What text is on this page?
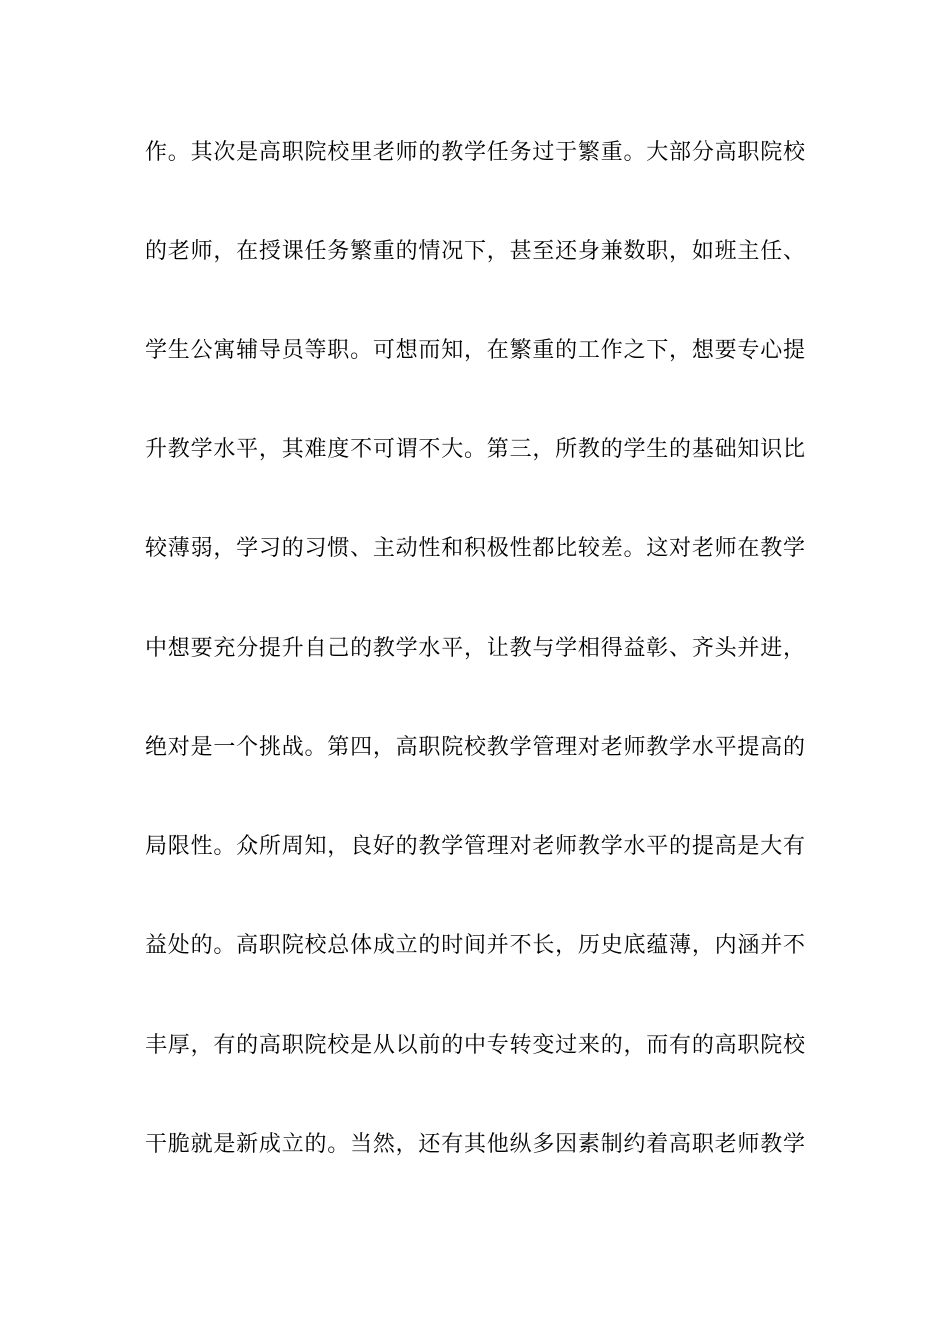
作。其次是高职院校里老师的教学任务过于繁重。大部分高职院校
的老师，在授课任务繁重的情况下，甚至还身兼数职，如班主任、
学生公寓辅导员等职。可想而知，在繁重的工作之下，想要专心提
升教学水平，其难度不可谓不大。第三，所教的学生的基础知识比
较薄弱，学习的习惯、主动性和积极性都比较差。这对老师在教学
中想要充分提升自己的教学水平，让教与学相得益彰、齐头并进，
绝对是一个挑战。第四，高职院校教学管理对老师教学水平提高的
局限性。众所周知，良好的教学管理对老师教学水平的提高是大有
益处的。高职院校总体成立的时间并不长，历史底蕴薄，内涵并不
丰厚，有的高职院校是从以前的中专转变过来的，而有的高职院校
干脆就是新成立的。当然，还有其他纵多因素制约着高职老师教学
